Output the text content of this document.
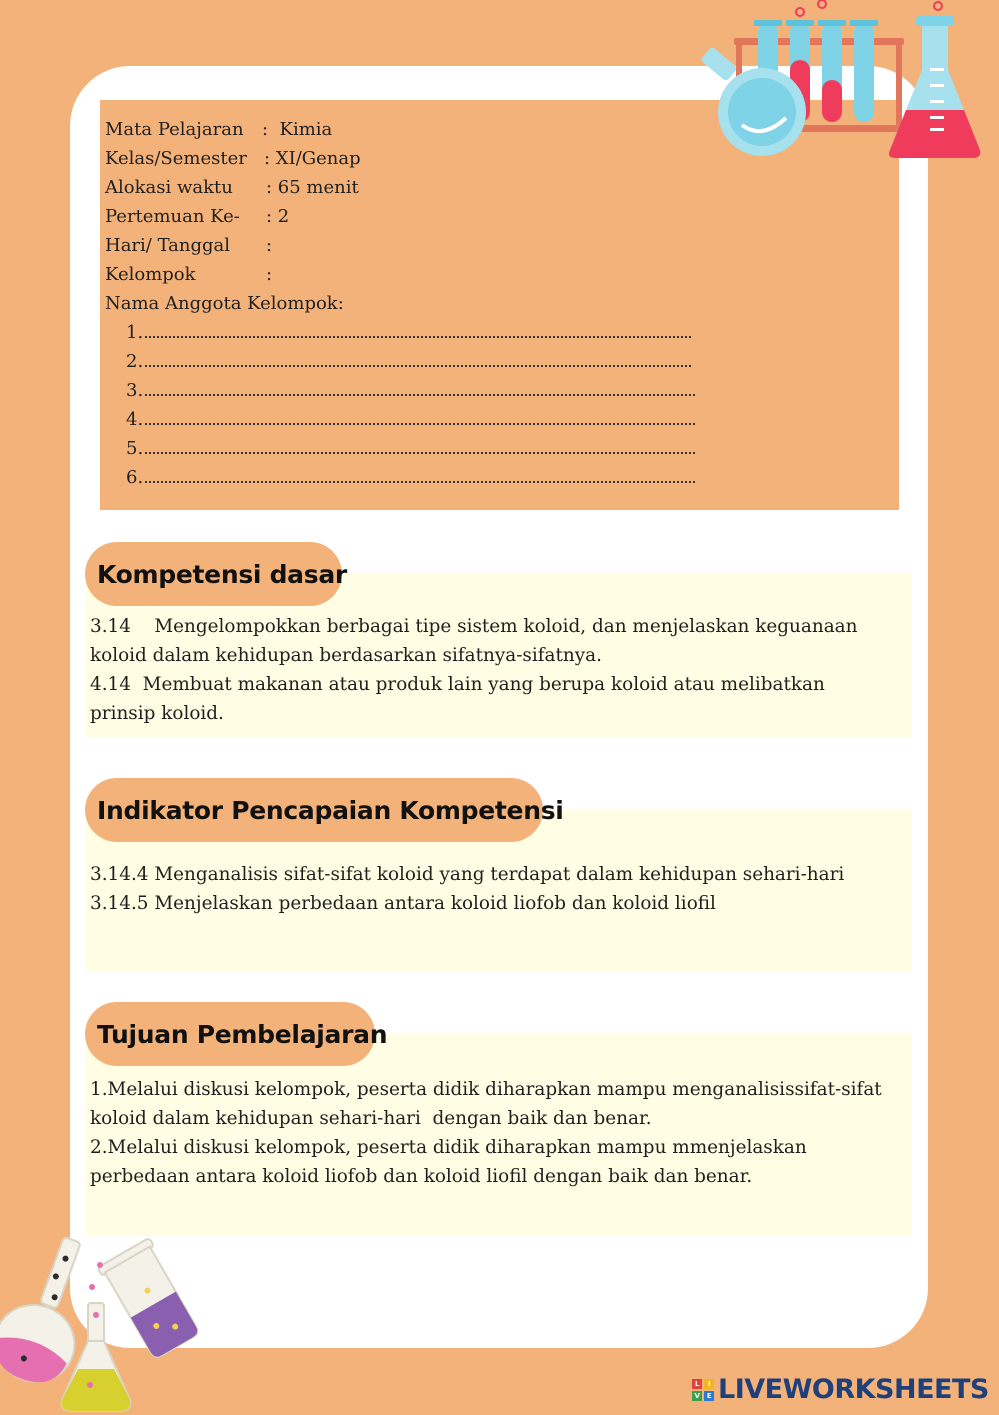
Mata Pelajaran :  Kimia
Kelas/Semester : XI/Genap
Alokasi waktu : 65 menit
Pertemuan Ke- : 2
Hari/ Tanggal :
Kelompok	:
Nama Anggota Kelompok:
1.
2.
3.
4.
5.
6.
Kompetensi dasar
3.14    Mengelompokkan berbagai tipe sistem koloid, dan menjelaskan keguanaan
koloid dalam kehidupan berdasarkan sifatnya-sifatnya.
4.14  Membuat makanan atau produk lain yang berupa koloid atau melibatkan
prinsip koloid.
Indikator Pencapaian Kompetensi
3.14.4 Menganalisis sifat-sifat koloid yang terdapat dalam kehidupan sehari-hari
3.14.5 Menjelaskan perbedaan antara koloid liofob dan koloid liofil
Tujuan Pembelajaran
1.Melalui diskusi kelompok, peserta didik diharapkan mampu menganalisissifat-sifat
koloid dalam kehidupan sehari-hari  dengan baik dan benar.
2.Melalui diskusi kelompok, peserta didik diharapkan mampu mmenjelaskan
perbedaan antara koloid liofob dan koloid liofil dengan baik dan benar.
L	I
V	E LIVEWORKSHEETS
